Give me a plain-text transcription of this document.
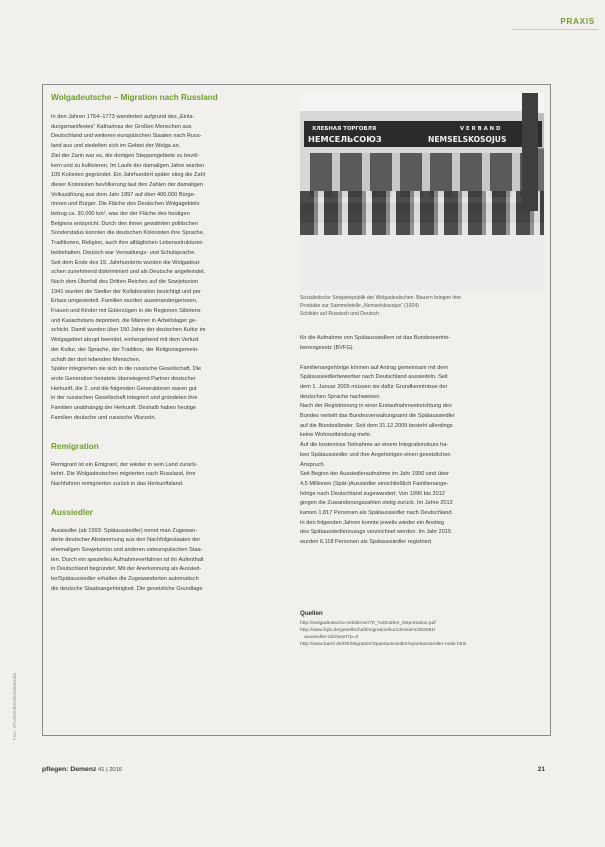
PRAXIS
Wolgadeutsche – Migration nach Russland

In den Jahren 1764–1773 wanderten aufgrund des „Einla-
dungsmanifestes“ Katharinas der Großen Menschen aus
Deutschland und weiteren europäischen Staaten nach Russ-
land aus und siedelten sich im Gebiet der Wolga an.
Ziel der Zarin war es, die dortigen Steppengebiete zu bevöl-
kern und zu kultivieren. Im Laufe der damaligen Jahre wurden
105 Kolonien gegründet. Ein Jahrhundert später stieg die Zahl
dieser Kolonisten bevölkerung laut den Zahlen der damaligen
Volkszählung aus dem Jahr 1897 auf über 400.000 Bürge-
rinnen und Bürger. Die Fläche des Deutschen Wolgagebiets
betrug ca. 30.000 km², was der der Fläche des heutigen
Belgiens entspricht. Durch den ihnen gewährten politischen
Sonderstatus konnten die deutschen Kolonisten ihre Sprache,
Traditionen, Religion, auch ihre alltäglichen Lebensstrukturen
beibehalten. Deutsch war Verwaltungs- und Schulsprache.
Seit dem Ende des 19. Jahrhunderts wurden die Wolgadeut-
schen zunehmend diskriminiert und als Deutsche angefeindet.
Nach dem Überfall des Dritten Reiches auf die Sowjetunion
1941 wurden die Siedler der Kollaboration bezichtigt und per
Erlass umgesiedelt. Familien wurden auseinandergerissen,
Frauen und Kinder mit Güterzügen in die Regionen Sibiriens
und Kasachstans deportiert, die Männer in Arbeitslager ge-
schickt. Damit wurden über 150 Jahre der deutschen Kultur im
Wolgagebiet abrupt beendet, einhergehend mit dem Verlust
der Kultur, der Sprache, der Tradition, der Religionsgemein-
schaft der dort lebenden Menschen.
Später integrierten sie sich in die russische Gesellschaft. Die
erste Generation heiratete überwiegend Partner deutscher
Herkunft, die 2. und die folgenden Generationen waren gut
in der russischen Gesellschaft integriert und gründeten ihre
Familien unabhängig der Herkunft. Deshalb haben heutige
Familien deutsche und russische Wurzeln.

Remigration

Remigrant ist ein Emigrant, der wieder in sein Land zurück-
kehrt. Die Wolgadeutschen migrierten nach Russland, ihre
Nachfahren remigrierten zurück in das Herkunftsland.

Aussiedler

Aussiedler (ab 1993: Spätaussiedler) nennt man Zugewan-
derte deutscher Abstammung aus den Nachfolgestaaten der
ehemaligen Sowjetunion und anderen osteuropäischen Staa-
ten. Durch ein spezielles Aufnahmeverfahren ist ihr Aufenthalt
in Deutschland begründet. Mit der Anerkennung als Aussied-
ler/Spätaussiedler erhalten die Zugewanderten automatisch
die deutsche Staatsangehörigkeit. Die gesetzliche Grundlage

ХЛЕБНАЯ ТОРГОВЛЯ
НЕМСЕЛЬСОЮЗ
V E R B A N D
NEMSELSKOSOJUS

Sozialistische Sowjetrepublik der Wolgadeutschen. Bauern bringen ihre
Produkte zur Sammelstelle „Nemselskosojus“ (1924)
Schilder auf Russisch und Deutsch

für die Aufnahme von Spätaussiedlern ist das Bundesvertrie-
benengesetz (BVFG).

Familienangehörige können auf Antrag gemeinsam mit dem
Spätaussiedlerbewerber nach Deutschland aussiedeln. Seit
dem 1. Januar 2005 müssen sie dafür Grundkenntnisse der
deutschen Sprache nachweisen.
Nach der Registrierung in einer Erstaufnahmeeinrichtung des
Bundes verteilt das Bundesverwaltungsamt die Spätaussiedler
auf die Bundesländer. Seit dem 31.12.2009 besteht allerdings
keine Wohnortbindung mehr.
Auf die kostenlose Teilnahme an einem Integrationskurs ha-
ben Spätaussiedler und ihre Angehörigen einen gesetzlichen
Anspruch.
Seit Beginn der Aussiedleraufnahme im Jahr 1950 sind über
4,5 Millionen (Spät-)Aussiedler einschließlich Familienange-
hörige nach Deutschland zugewandert. Von 1990 bis 2012
gingen die Zuwanderungszahlen stetig zurück. Im Jahre 2012
kamen 1.817 Personen als Spätaussiedler nach Deutschland.
In den folgenden Jahren konnte jeweils wieder ein Anstieg
des Spätaussiedlerzuzugs verzeichnet werden. Im Jahr 2015
wurden 6.118 Personen als Spätaussiedler registriert.

Quellen

http://wolgadeutsche.net/diener/70_%20Jahre_Deportation.pdf
http://www.bpb.de/gesellschaft/migration/kurzdossiers/252561/
aussiedler-stichwort?p=2
http://www.bamf.de/DE/Migration/Spaetaussiedler/spaetaussiedler-node.html

Foto: SPL/Bernd/Keller/wikimedia
pflegen: Demenz 41 | 2016	21
